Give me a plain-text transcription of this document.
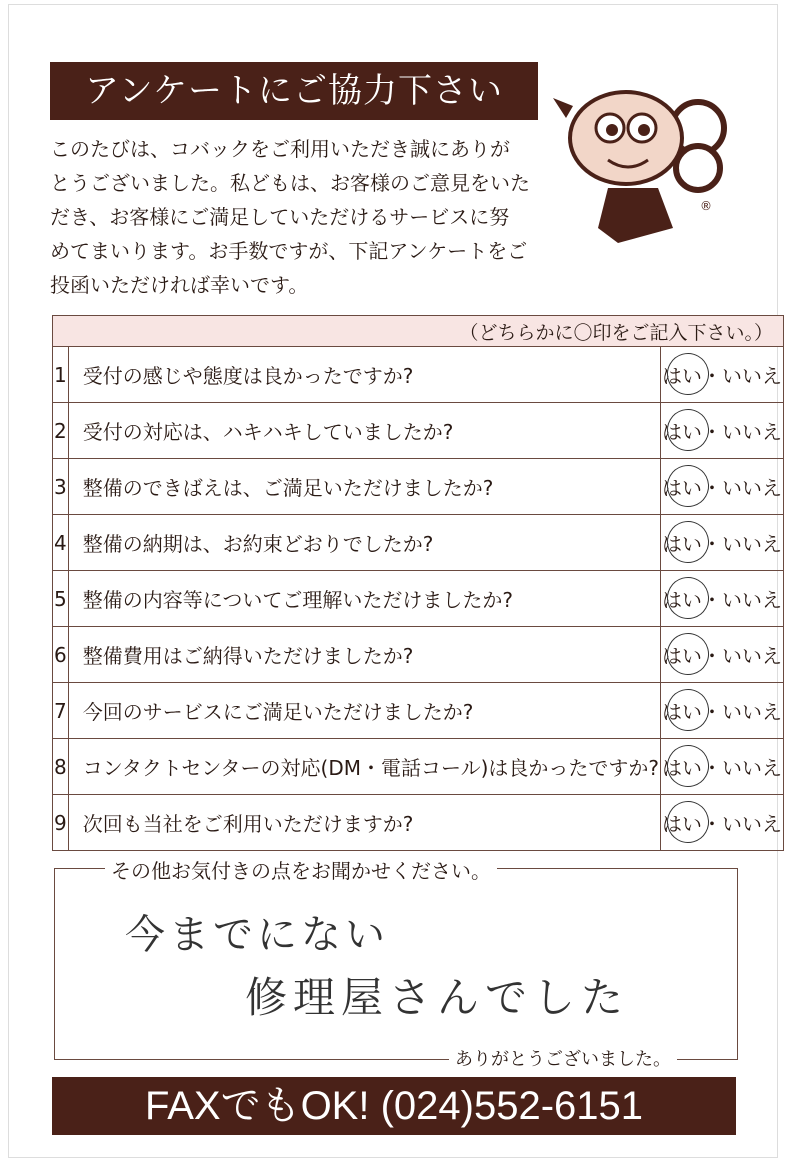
アンケートにご協力下さい
このたびは、コバックをご利用いただき誠にありが
とうございました。私どもは、お客様のご意見をいた
だき、お客様にご満足していただけるサービスに努
めてまいります。お手数ですが、下記アンケートをご
投函いただければ幸いです。
®
（どちらかに〇印をご記入下さい。）		
1	受付の感じや態度は良かったですか?	はい・いいえ
2	受付の対応は、ハキハキしていましたか?	はい・いいえ
3	整備のできばえは、ご満足いただけましたか?	はい・いいえ
4	整備の納期は、お約束どおりでしたか?	はい・いいえ
5	整備の内容等についてご理解いただけましたか?	はい・いいえ
6	整備費用はご納得いただけましたか?	はい・いいえ
7	今回のサービスにご満足いただけましたか?	はい・いいえ
8	コンタクトセンターの対応(DM・電話コール)は良かったですか?	はい・いいえ
9	次回も当社をご利用いただけますか?	はい・いいえ
その他お気付きの点をお聞かせください。
今までにない
修理屋さんでした
ありがとうございました。
FAXでもOK! (024)552-6151
